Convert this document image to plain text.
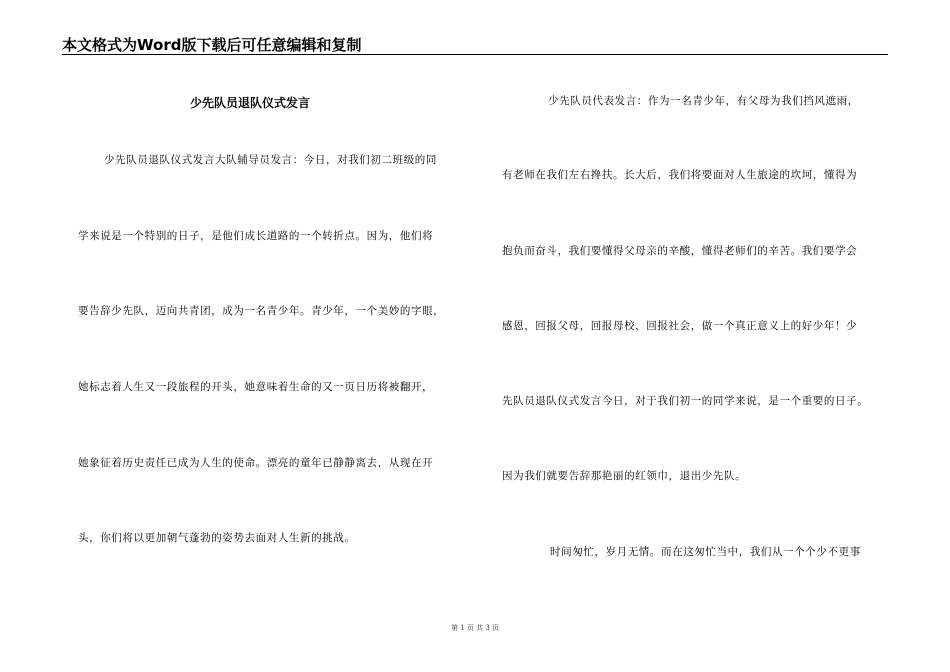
本文格式为Word版下载后可任意编辑和复制
少先队员退队仪式发言
少先队员退队仪式发言大队辅导员发言：今日，对我们初二班级的同
学来说是一个特别的日子，是他们成长道路的一个转折点。因为，他们将
要告辞少先队，迈向共青团，成为一名青少年。青少年，一个美妙的字眼，
她标志着人生又一段旅程的开头，她意味着生命的又一页日历将被翻开，
她象征着历史责任已成为人生的使命。漂亮的童年已静静离去，从现在开
头，你们将以更加朝气蓬勃的姿势去面对人生新的挑战。
少先队员代表发言：作为一名青少年，有父母为我们挡风遮雨，
有老师在我们左右搀扶。长大后，我们将要面对人生旅途的坎坷，懂得为
抱负而奋斗，我们要懂得父母亲的辛酸，懂得老师们的辛苦。我们要学会
感恩，回报父母，回报母校，回报社会，做一个真正意义上的好少年！少
先队员退队仪式发言今日，对于我们初一的同学来说，是一个重要的日子。
因为我们就要告辞那艳丽的红领巾，退出少先队。
时间匆忙，岁月无情。而在这匆忙当中，我们从一个个少不更事
第 1 页 共 3 页
